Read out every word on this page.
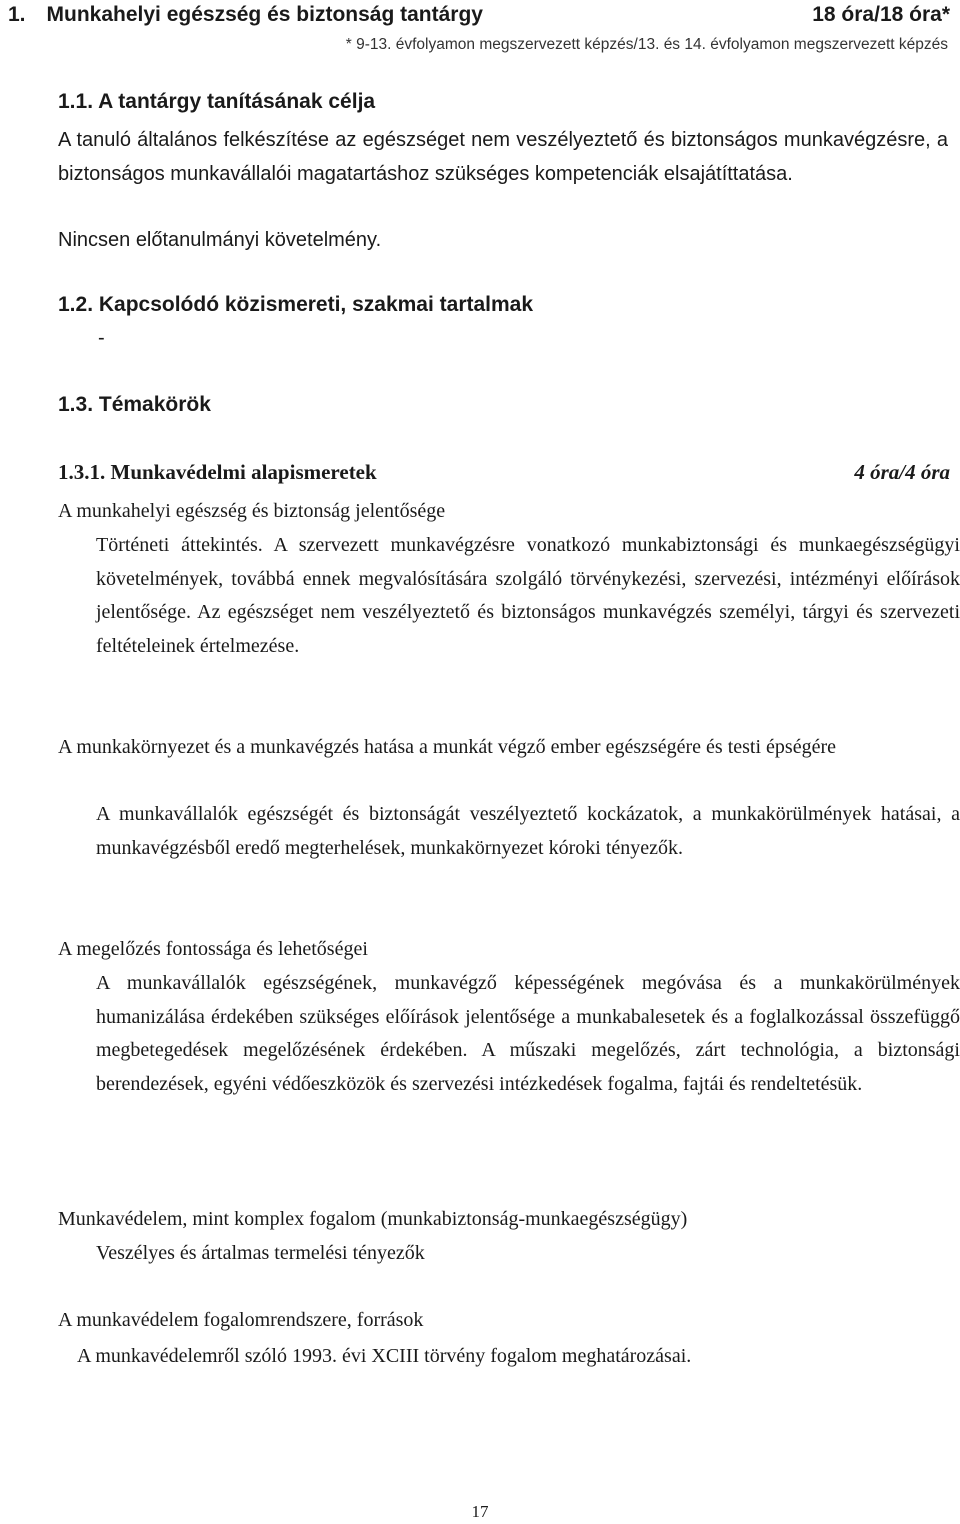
1. Munkahelyi egészség és biztonság tantárgy	18 óra/18 óra*
* 9-13. évfolyamon megszervezett képzés/13. és 14. évfolyamon megszervezett képzés
1.1. A tantárgy tanításának célja
A tanuló általános felkészítése az egészséget nem veszélyeztető és biztonságos munkavégzésre, a biztonságos munkavállalói magatartáshoz szükséges kompetenciák elsajátíttatása.
Nincsen előtanulmányi követelmény.
1.2. Kapcsolódó közismereti, szakmai tartalmak
-
1.3. Témakörök
1.3.1. Munkavédelmi alapismeretek	4 óra/4 óra
A munkahelyi egészség és biztonság jelentősége
Történeti áttekintés. A szervezett munkavégzésre vonatkozó munkabiztonsági és munkaegészségügyi követelmények, továbbá ennek megvalósítására szolgáló törvénykezési, szervezési, intézményi előírások jelentősége. Az egészséget nem veszélyeztető és biztonságos munkavégzés személyi, tárgyi és szervezeti feltételeinek értelmezése.
A munkakörnyezet és a munkavégzés hatása a munkát végző ember egészségére és testi épségére
A munkavállalók egészségét és biztonságát veszélyeztető kockázatok, a munkakörülmények hatásai, a munkavégzésből eredő megterhelések, munkakörnyezet kóroki tényezők.
A megelőzés fontossága és lehetőségei
A munkavállalók egészségének, munkavégző képességének megóvása és a munkakörülmények humanizálása érdekében szükséges előírások jelentősége a munkabalesetek és a foglalkozással összefüggő megbetegedések megelőzésének érdekében. A műszaki megelőzés, zárt technológia, a biztonsági berendezések, egyéni védőeszközök és szervezési intézkedések fogalma, fajtái és rendeltetésük.
Munkavédelem, mint komplex fogalom (munkabiztonság-munkaegészségügy)
Veszélyes és ártalmas termelési tényezők
A munkavédelem fogalomrendszere, források
A munkavédelemről szóló 1993. évi XCIII törvény fogalom meghatározásai.
17
